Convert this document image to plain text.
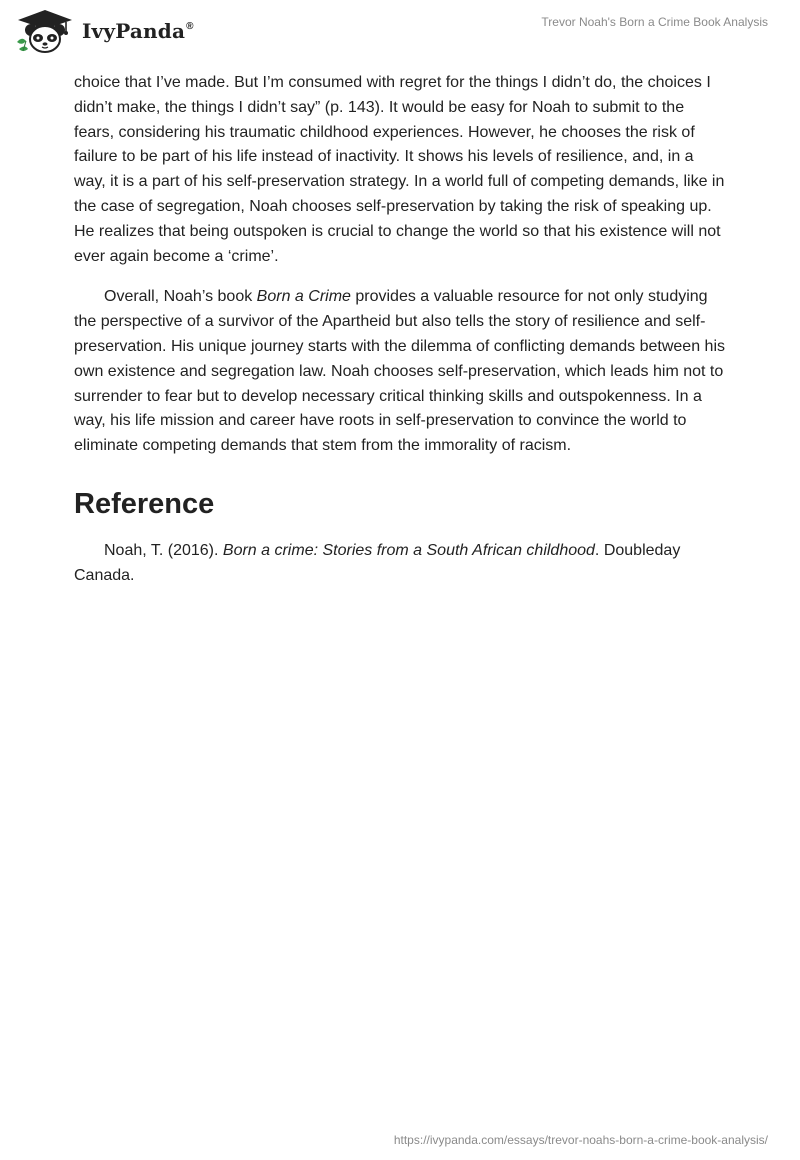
IvyPanda®	Trevor Noah's Born a Crime Book Analysis

choice that I’ve made. But I’m consumed with regret for the things I didn’t do, the choices I didn’t make, the things I didn’t say” (p. 143). It would be easy for Noah to submit to the fears, considering his traumatic childhood experiences. However, he chooses the risk of failure to be part of his life instead of inactivity. It shows his levels of resilience, and, in a way, it is a part of his self-preservation strategy. In a world full of competing demands, like in the case of segregation, Noah chooses self-preservation by taking the risk of speaking up. He realizes that being outspoken is crucial to change the world so that his existence will not ever again become a ‘crime’.

Overall, Noah’s book Born a Crime provides a valuable resource for not only studying the perspective of a survivor of the Apartheid but also tells the story of resilience and self-preservation. His unique journey starts with the dilemma of conflicting demands between his own existence and segregation law. Noah chooses self-preservation, which leads him not to surrender to fear but to develop necessary critical thinking skills and outspokenness. In a way, his life mission and career have roots in self-preservation to convince the world to eliminate competing demands that stem from the immorality of racism.

Reference

Noah, T. (2016). Born a crime: Stories from a South African childhood. Doubleday Canada.

https://ivypanda.com/essays/trevor-noahs-born-a-crime-book-analysis/
